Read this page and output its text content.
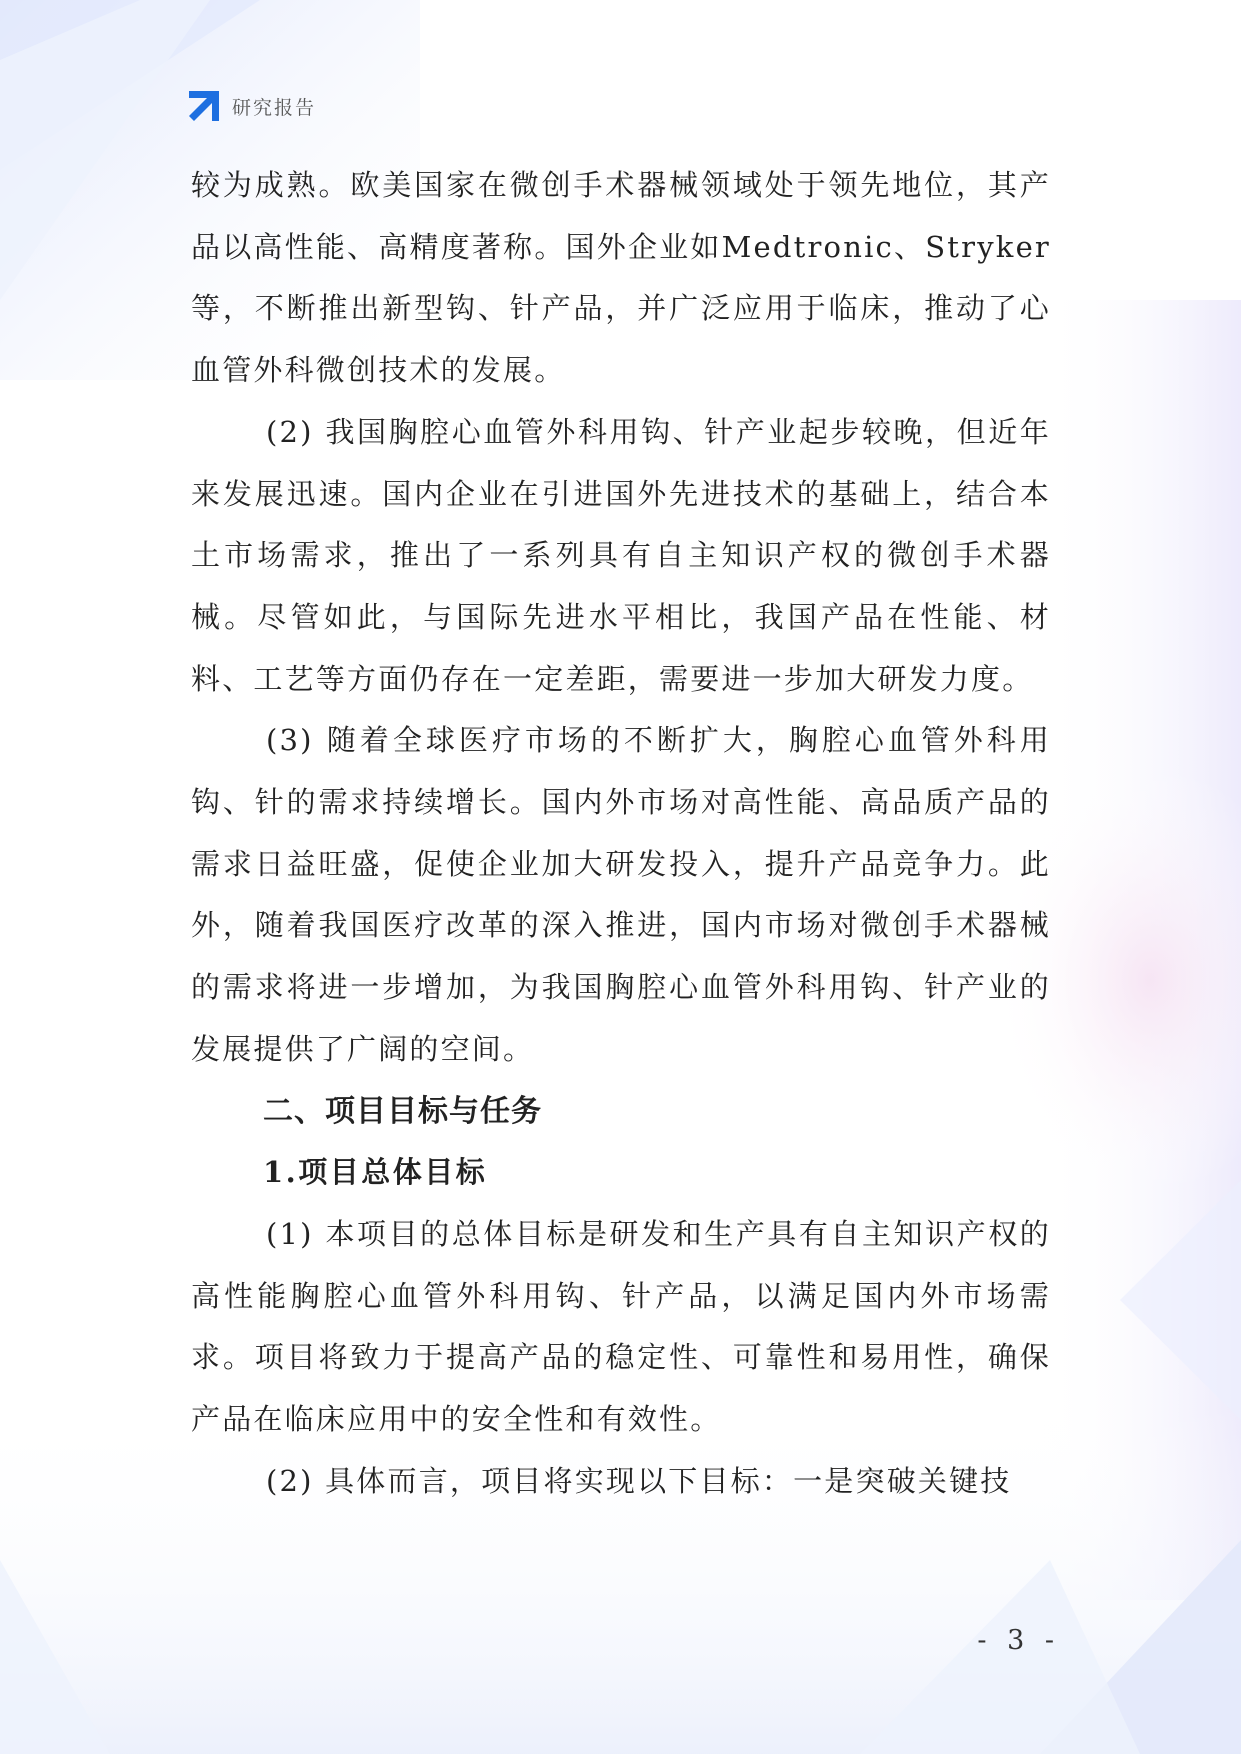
研究报告

较为成熟。欧美国家在微创手术器械领域处于领先地位，其产品以高性能、高精度著称。国外企业如Medtronic、Stryker等，不断推出新型钩、针产品，并广泛应用于临床，推动了心血管外科微创技术的发展。

(2) 我国胸腔心血管外科用钩、针产业起步较晚，但近年来发展迅速。国内企业在引进国外先进技术的基础上，结合本土市场需求，推出了一系列具有自主知识产权的微创手术器械。尽管如此，与国际先进水平相比，我国产品在性能、材料、工艺等方面仍存在一定差距，需要进一步加大研发力度。

(3) 随着全球医疗市场的不断扩大，胸腔心血管外科用钩、针的需求持续增长。国内外市场对高性能、高品质产品的需求日益旺盛，促使企业加大研发投入，提升产品竞争力。此外，随着我国医疗改革的深入推进，国内市场对微创手术器械的需求将进一步增加，为我国胸腔心血管外科用钩、针产业的发展提供了广阔的空间。

二、项目目标与任务
1.项目总体目标

(1) 本项目的总体目标是研发和生产具有自主知识产权的高性能胸腔心血管外科用钩、针产品，以满足国内外市场需求。项目将致力于提高产品的稳定性、可靠性和易用性，确保产品在临床应用中的安全性和有效性。

(2) 具体而言，项目将实现以下目标：一是突破关键技

- 3 -
